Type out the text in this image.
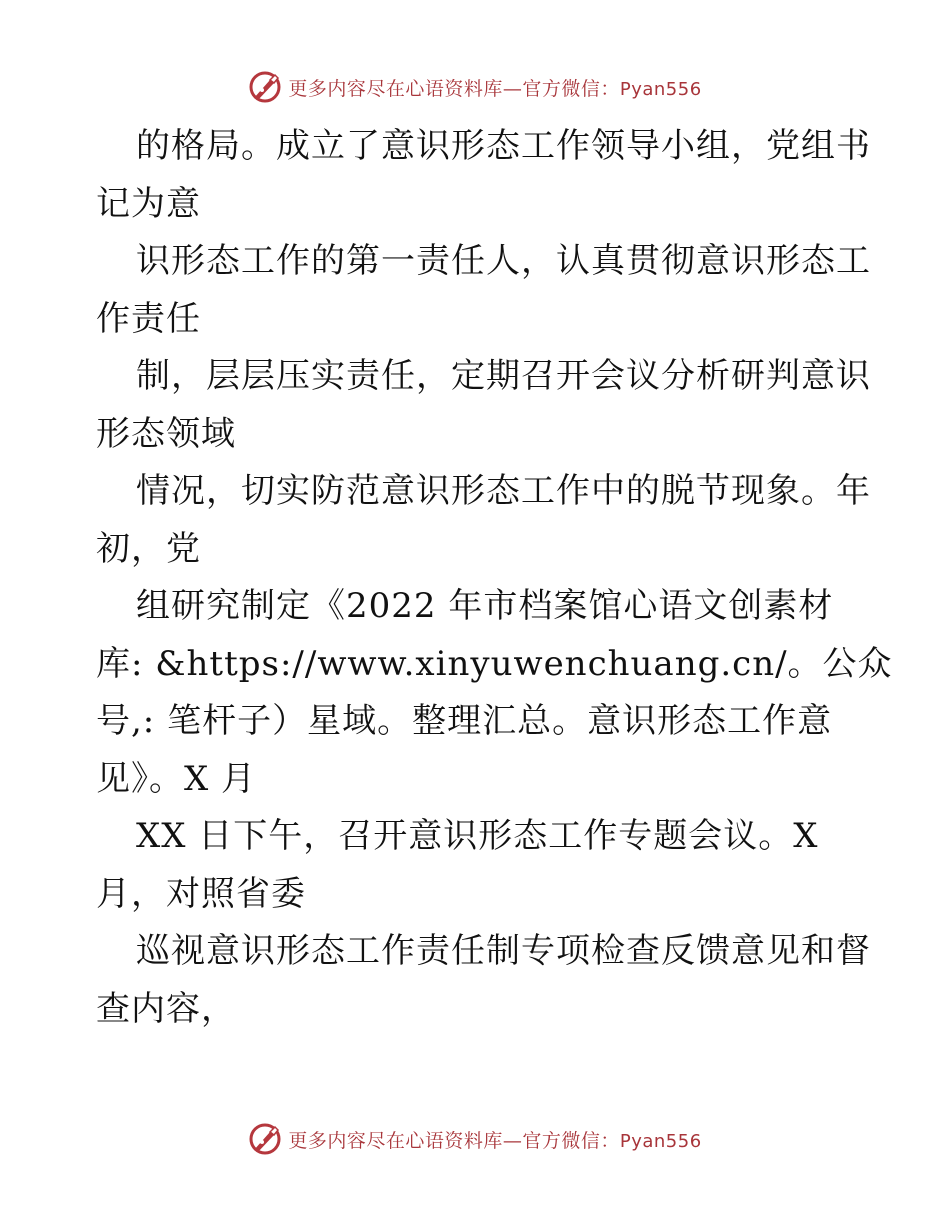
更多内容尽在心语资料库—官方微信：Pyan556
的格局。成立了意识形态工作领导小组，党组书
记为意
识形态工作的第一责任人，认真贯彻意识形态工
作责任
制，层层压实责任，定期召开会议分析研判意识
形态领域
情况，切实防范意识形态工作中的脱节现象。年
初，党
组研究制定《2022 年市档案馆心语文创素材
库: &https://www.xinyuwenchuang.cn/。公众
号,: 笔杆子）星域。整理汇总。意识形态工作意
见》。X 月
XX 日下午，召开意识形态工作专题会议。X
月，对照省委
巡视意识形态工作责任制专项检查反馈意见和督
查内容，
更多内容尽在心语资料库—官方微信：Pyan556
